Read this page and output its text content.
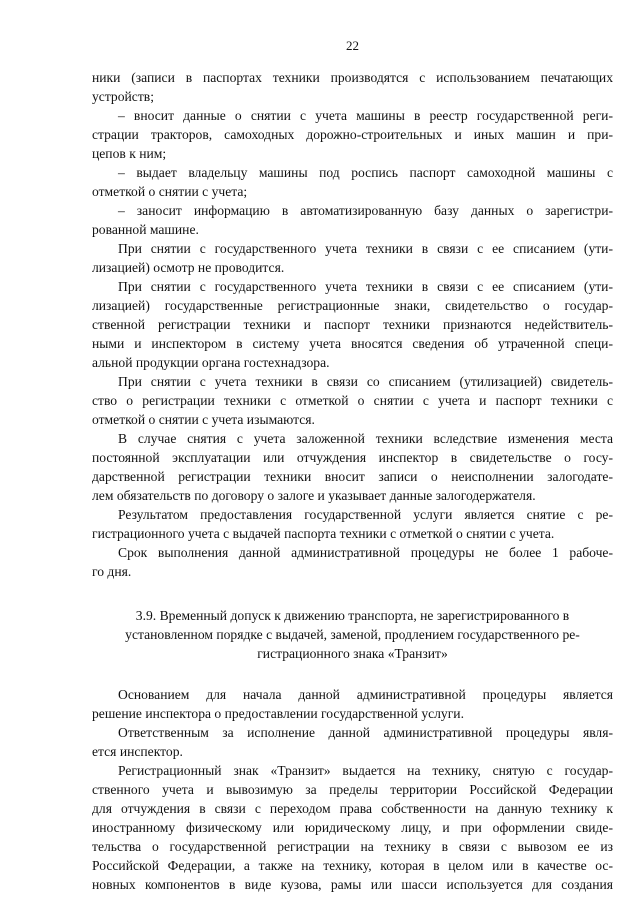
22
ники (записи в паспортах техники производятся с использованием печатающих
устройств;
– вносит данные о снятии с учета машины в реестр государственной реги-
страции тракторов, самоходных дорожно-строительных и иных машин и при-
цепов к ним;
– выдает владельцу машины под роспись паспорт самоходной машины с
отметкой о снятии с учета;
– заносит информацию в автоматизированную базу данных о зарегистри-
рованной машине.
При снятии с государственного учета техники в связи с ее списанием (ути-
лизацией) осмотр не проводится.
При снятии с государственного учета техники в связи с ее списанием (ути-
лизацией) государственные регистрационные знаки, свидетельство о государ-
ственной регистрации техники и паспорт техники признаются недействитель-
ными и инспектором в систему учета вносятся сведения об утраченной специ-
альной продукции органа гостехнадзора.
При снятии с учета техники в связи со списанием (утилизацией) свидетель-
ство о регистрации техники с отметкой о снятии с учета и паспорт техники с
отметкой о снятии с учета изымаются.
В случае снятия с учета заложенной техники вследствие изменения места
постоянной эксплуатации или отчуждения инспектор в свидетельстве о госу-
дарственной регистрации техники вносит записи о неисполнении залогодате-
лем обязательств по договору о залоге и указывает данные залогодержателя.
Результатом предоставления государственной услуги является снятие с ре-
гистрационного учета с выдачей паспорта техники с отметкой о снятии с учета.
Срок выполнения данной административной процедуры не более 1 рабоче-
го дня.
3.9. Временный допуск к движению транспорта, не зарегистрированного в
установленном порядке с выдачей, заменой, продлением государственного ре-
гистрационного знака «Транзит»
Основанием для начала данной административной процедуры является
решение инспектора о предоставлении государственной услуги.
Ответственным за исполнение данной административной процедуры явля-
ется инспектор.
Регистрационный знак «Транзит» выдается на технику, снятую с государ-
ственного учета и вывозимую за пределы территории Российской Федерации
для отчуждения в связи с переходом права собственности на данную технику к
иностранному физическому или юридическому лицу, и при оформлении свиде-
тельства о государственной регистрации на технику в связи с вывозом ее из
Российской Федерации, а также на технику, которая в целом или в качестве ос-
новных компонентов в виде кузова, рамы или шасси используется для создания
